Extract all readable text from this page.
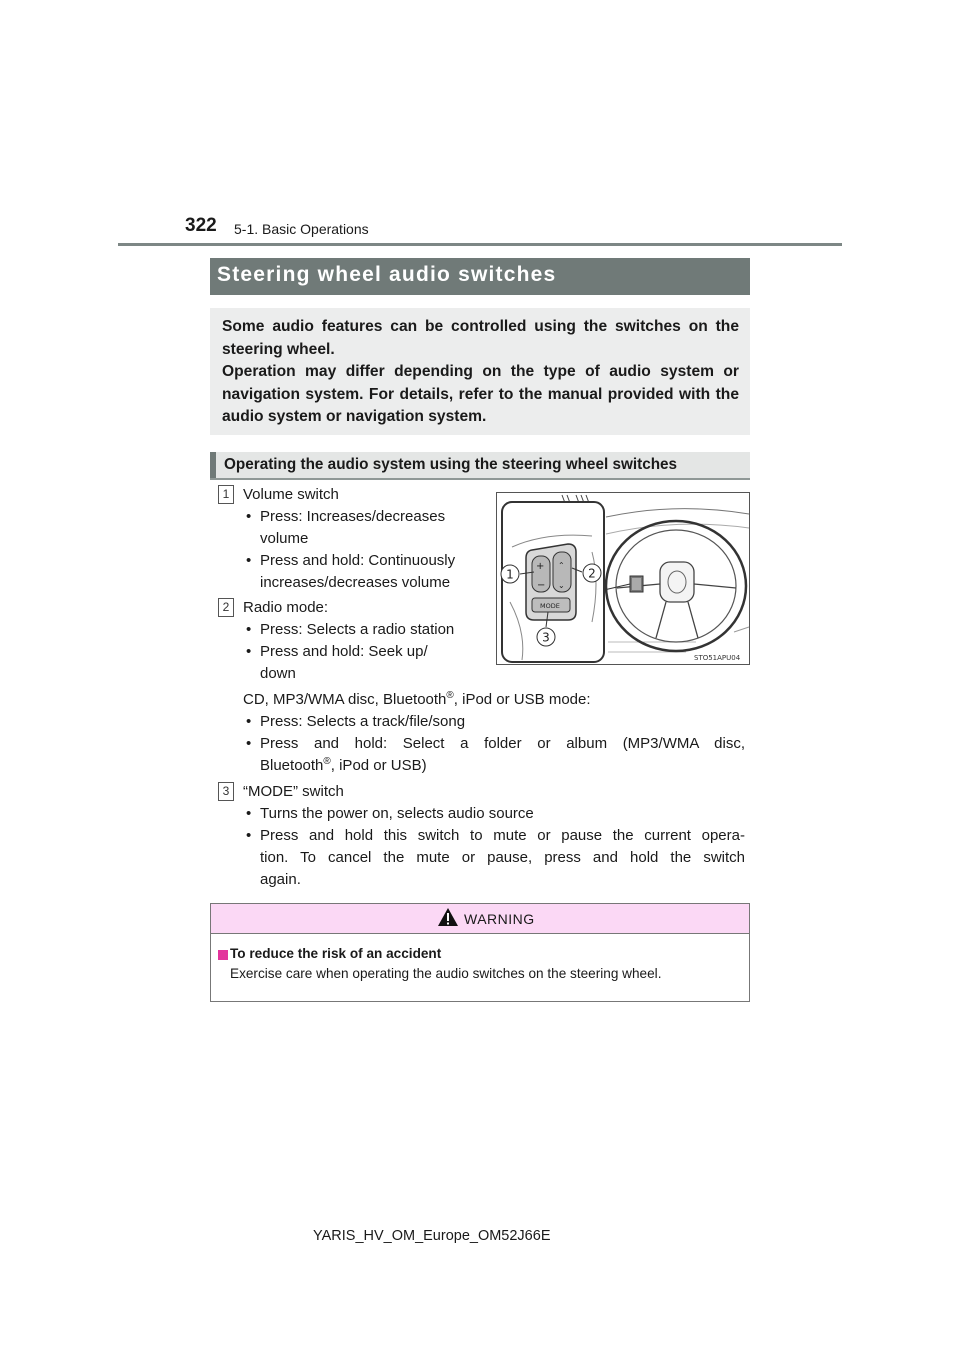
322 5-1. Basic Operations
Steering wheel audio switches

Some audio features can be controlled using the switches on the steering wheel.

Operation may differ depending on the type of audio system or navigation system. For details, refer to the manual provided with the audio system or navigation system.

Operating the audio system using the steering wheel switches
1 Volume switch
• Press: Increases/decreases
volume
• Press and hold: Continuously
increases/decreases volume
2 Radio mode:
• Press: Selects a radio station
• Press and hold: Seek up/
down
CD, MP3/WMA disc, Bluetooth®, iPod or USB mode:
• Press: Selects a track/file/song
• Press and hold: Select a folder or album (MP3/WMA disc,
Bluetooth®, iPod or USB)
3 “MODE” switch
• Turns the power on, selects audio source
• Press and hold this switch to mute or pause the current opera-
tion. To cancel the mute or pause, press and hold the switch
again.
+
−
⌃
⌄
MODE
1	2
3
STO51APU04
WARNING
To reduce the risk of an accident
Exercise care when operating the audio switches on the steering wheel.
YARIS_HV_OM_Europe_OM52J66E
